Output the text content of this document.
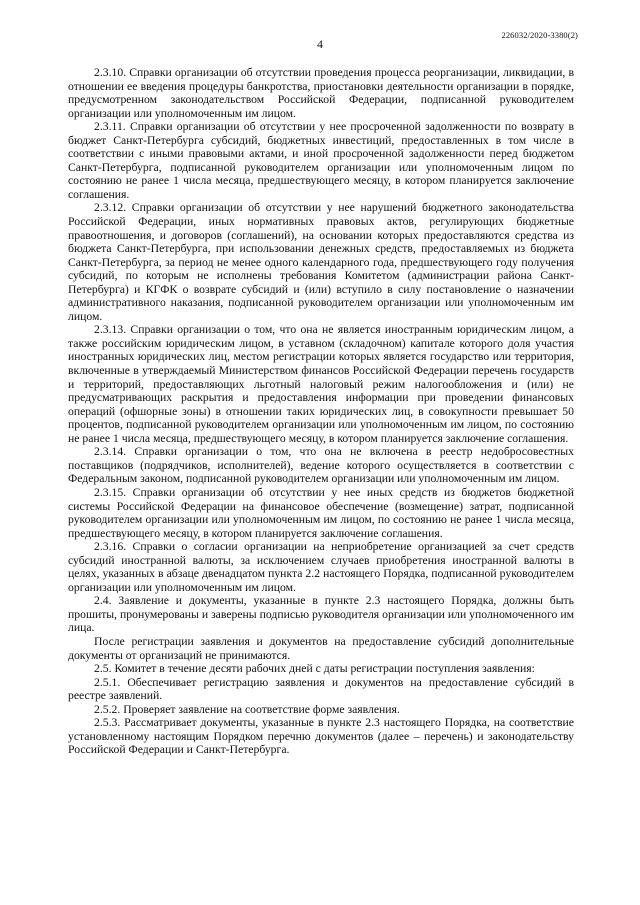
226032/2020-3380(2)
4

2.3.10. Справки организации об отсутствии проведения процесса реорганизации, ликвидации, в отношении ее введения процедуры банкротства, приостановки деятельности организации в порядке, предусмотренном законодательством Российской Федерации, подписанной руководителем организации или уполномоченным им лицом.

2.3.11. Справки организации об отсутствии у нее просроченной задолженности по возврату в бюджет Санкт-Петербурга субсидий, бюджетных инвестиций, предоставленных в том числе в соответствии с иными правовыми актами, и иной просроченной задолженности перед бюджетом Санкт-Петербурга, подписанной руководителем организации или уполномоченным лицом по состоянию не ранее 1 числа месяца, предшествующего месяцу, в котором планируется заключение соглашения.

2.3.12. Справки организации об отсутствии у нее нарушений бюджетного законодательства Российской Федерации, иных нормативных правовых актов, регулирующих бюджетные правоотношения, и договоров (соглашений), на основании которых предоставляются средства из бюджета Санкт-Петербурга, при использовании денежных средств, предоставляемых из бюджета Санкт-Петербурга, за период не менее одного календарного года, предшествующего году получения субсидий, по которым не исполнены требования Комитетом (администрации района Санкт-Петербурга) и КГФК о возврате субсидий и (или) вступило в силу постановление о назначении административного наказания, подписанной руководителем организации или уполномоченным им лицом.

2.3.13. Справки организации о том, что она не является иностранным юридическим лицом, а также российским юридическим лицом, в уставном (складочном) капитале которого доля участия иностранных юридических лиц, местом регистрации которых является государство или территория, включенные в утверждаемый Министерством финансов Российской Федерации перечень государств и территорий, предоставляющих льготный налоговый режим налогообложения и (или) не предусматривающих раскрытия и предоставления информации при проведении финансовых операций (офшорные зоны) в отношении таких юридических лиц, в совокупности превышает 50 процентов, подписанной руководителем организации или уполномоченным им лицом, по состоянию не ранее 1 числа месяца, предшествующего месяцу, в котором планируется заключение соглашения.

2.3.14. Справки организации о том, что она не включена в реестр недобросовестных поставщиков (подрядчиков, исполнителей), ведение которого осуществляется в соответствии с Федеральным законом, подписанной руководителем организации или уполномоченным им лицом.

2.3.15. Справки организации об отсутствии у нее иных средств из бюджетов бюджетной системы Российской Федерации на финансовое обеспечение (возмещение) затрат, подписанной руководителем организации или уполномоченным им лицом, по состоянию не ранее 1 числа месяца, предшествующего месяцу, в котором планируется заключение соглашения.

2.3.16. Справки о согласии организации на неприобретение организацией за счет средств субсидий иностранной валюты, за исключением случаев приобретения иностранной валюты в целях, указанных в абзаце двенадцатом пункта 2.2 настоящего Порядка, подписанной руководителем организации или уполномоченным им лицом.

2.4. Заявление и документы, указанные в пункте 2.3 настоящего Порядка, должны быть прошиты, пронумерованы и заверены подписью руководителя организации или уполномоченного им лица.

После регистрации заявления и документов на предоставление субсидий дополнительные документы от организаций не принимаются.

2.5. Комитет в течение десяти рабочих дней с даты регистрации поступления заявления:

2.5.1. Обеспечивает регистрацию заявления и документов на предоставление субсидий в реестре заявлений.

2.5.2. Проверяет заявление на соответствие форме заявления.

2.5.3. Рассматривает документы, указанные в пункте 2.3 настоящего Порядка, на соответствие установленному настоящим Порядком перечню документов (далее – перечень) и законодательству Российской Федерации и Санкт-Петербурга.
